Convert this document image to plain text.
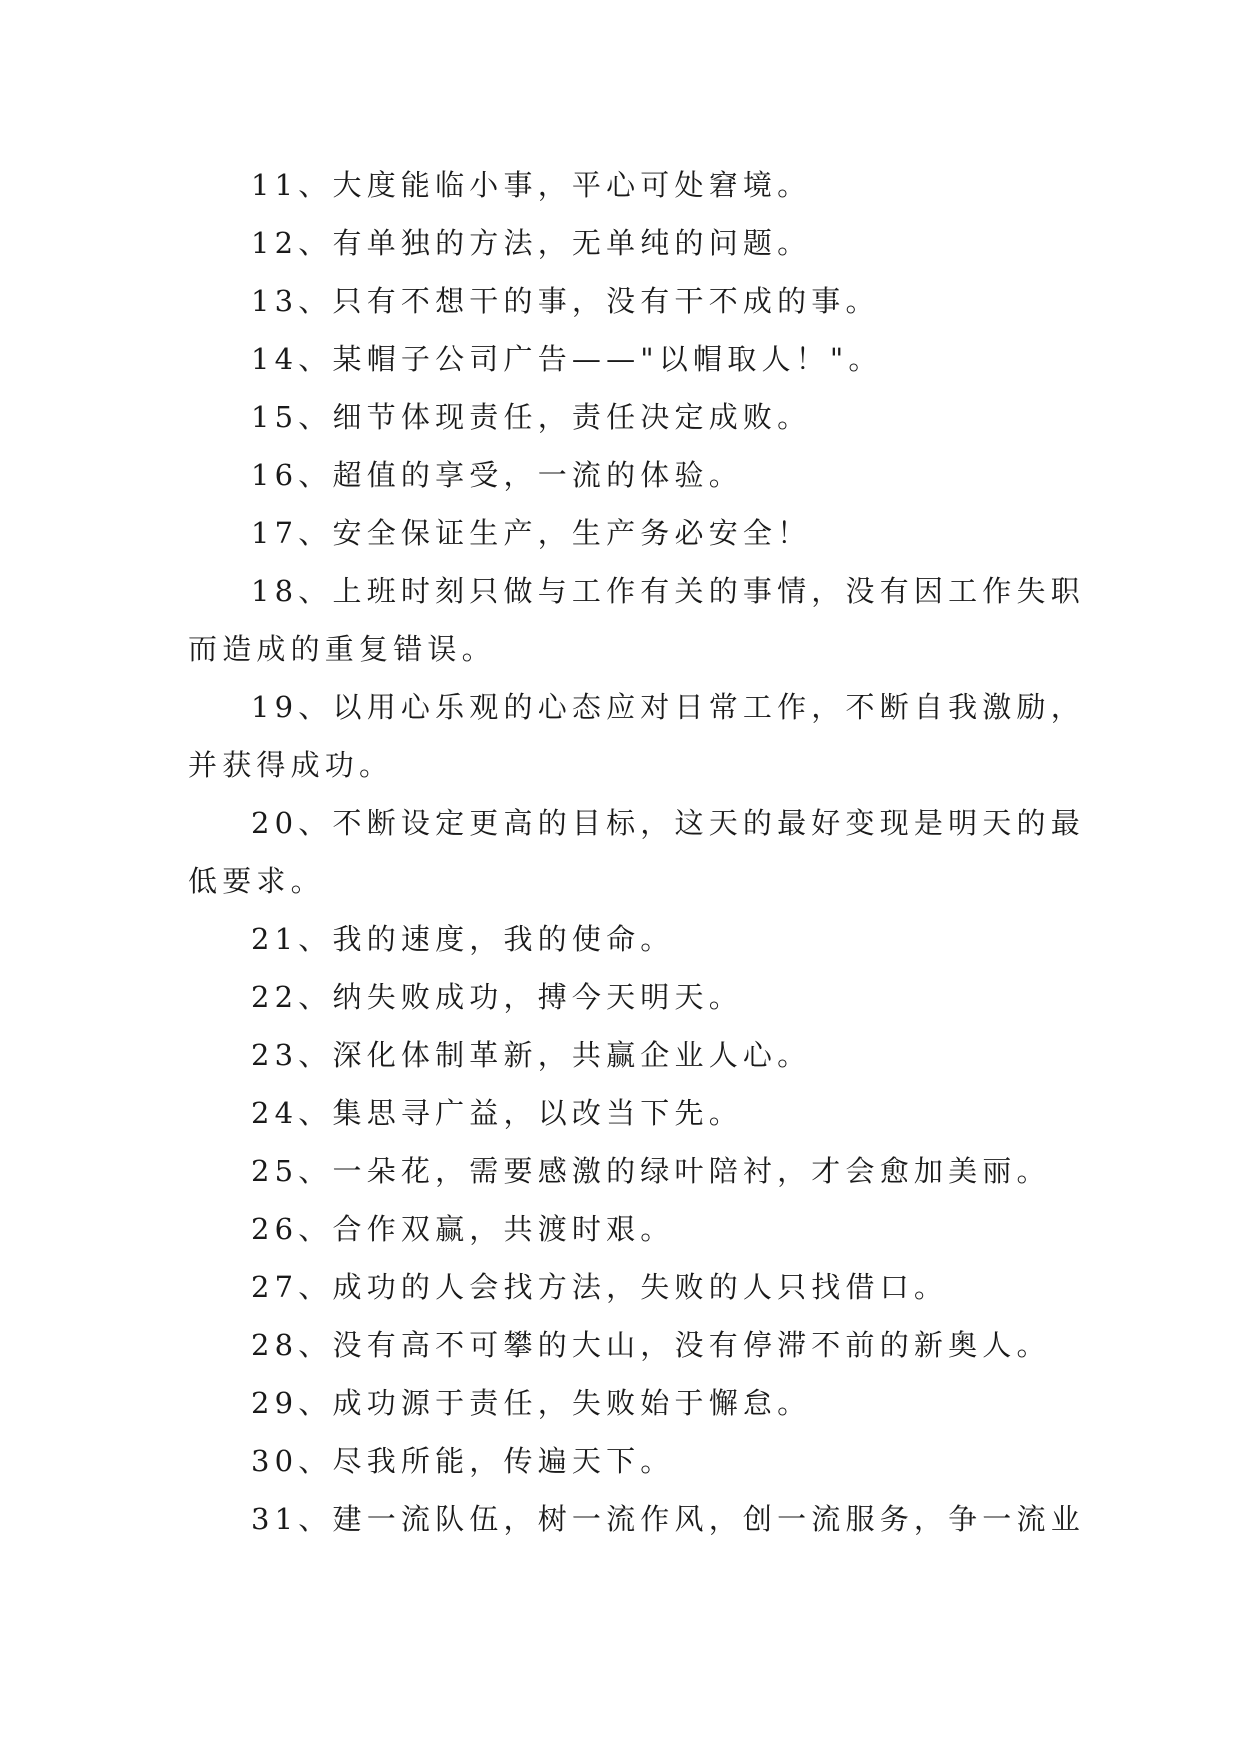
11、大度能临小事，平心可处窘境。
12、有单独的方法，无单纯的问题。
13、只有不想干的事，没有干不成的事。
14、某帽子公司广告——"以帽取人！"。
15、细节体现责任，责任决定成败。
16、超值的享受，一流的体验。
17、安全保证生产，生产务必安全！
18、上班时刻只做与工作有关的事情，没有因工作失职
而造成的重复错误。
19、以用心乐观的心态应对日常工作，不断自我激励，
并获得成功。
20、不断设定更高的目标，这天的最好变现是明天的最
低要求。
21、我的速度，我的使命。
22、纳失败成功，搏今天明天。
23、深化体制革新，共赢企业人心。
24、集思寻广益，以改当下先。
25、一朵花，需要感激的绿叶陪衬，才会愈加美丽。
26、合作双赢，共渡时艰。
27、成功的人会找方法，失败的人只找借口。
28、没有高不可攀的大山，没有停滞不前的新奥人。
29、成功源于责任，失败始于懈怠。
30、尽我所能，传遍天下。
31、建一流队伍，树一流作风，创一流服务，争一流业
